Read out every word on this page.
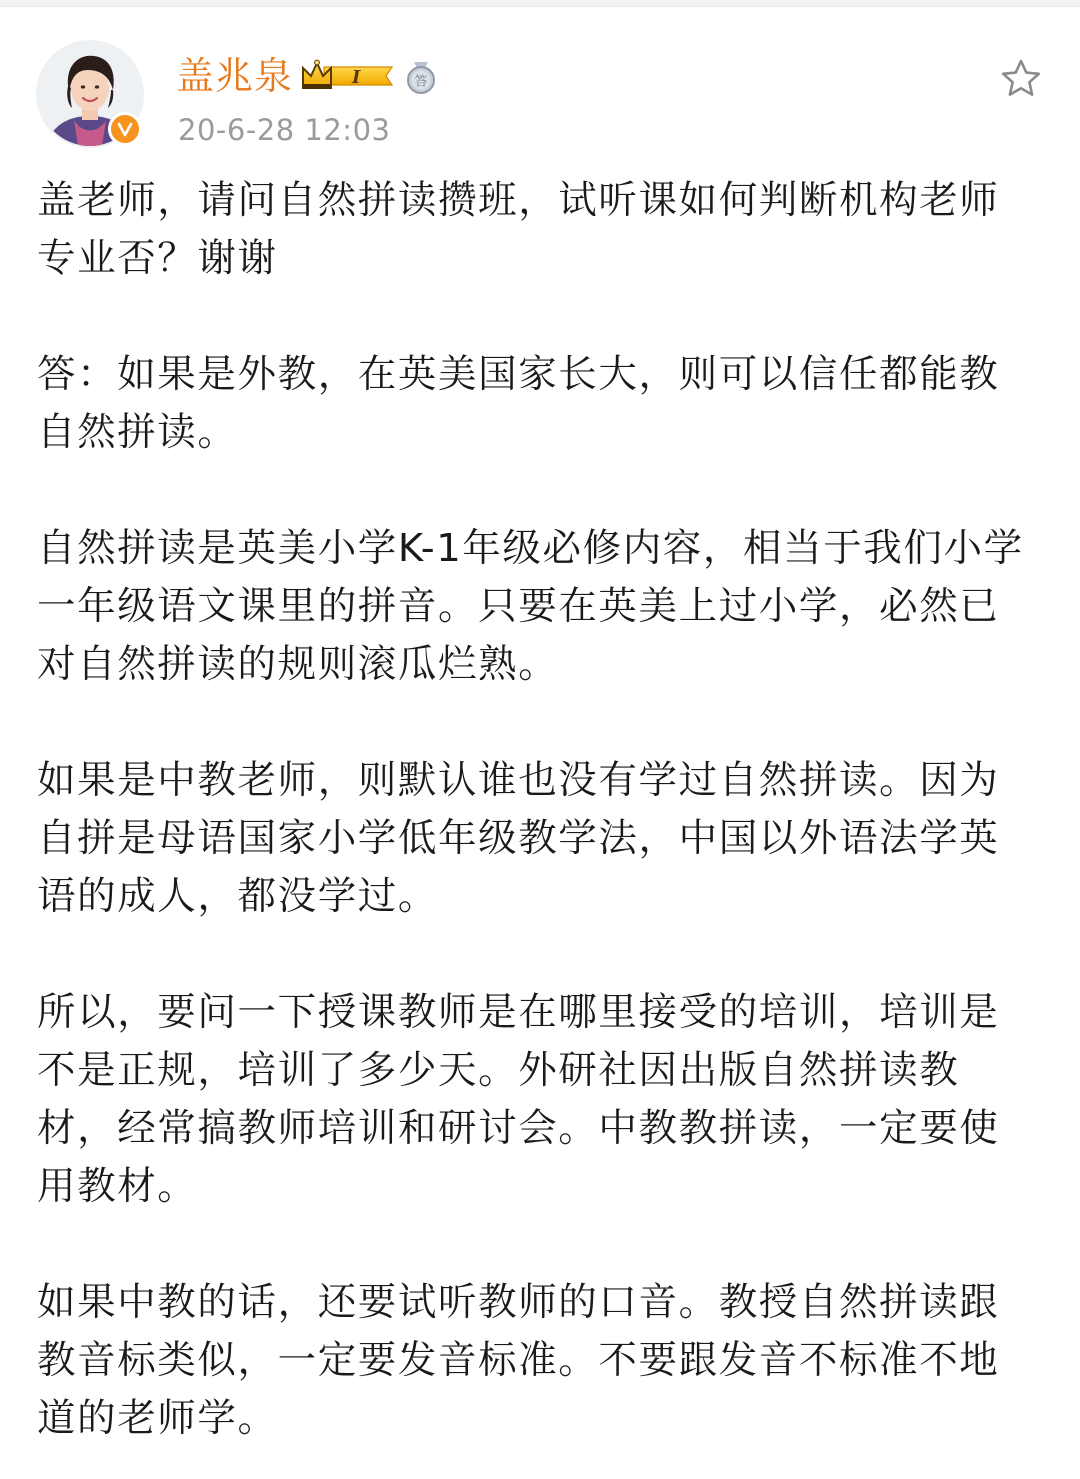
盖兆泉	I	答
20-6-28 12:03

盖老师，请问自然拼读攒班，试听课如何判断机构老师专业否？谢谢

答：如果是外教，在英美国家长大，则可以信任都能教自然拼读。

自然拼读是英美小学K-1年级必修内容，相当于我们小学一年级语文课里的拼音。只要在英美上过小学，必然已对自然拼读的规则滚瓜烂熟。

如果是中教老师，则默认谁也没有学过自然拼读。因为自拼是母语国家小学低年级教学法，中国以外语法学英语的成人，都没学过。

所以，要问一下授课教师是在哪里接受的培训，培训是不是正规，培训了多少天。外研社因出版自然拼读教材，经常搞教师培训和研讨会。中教教拼读，一定要使用教材。

如果中教的话，还要试听教师的口音。教授自然拼读跟教音标类似，一定要发音标准。不要跟发音不标准不地道的老师学。
